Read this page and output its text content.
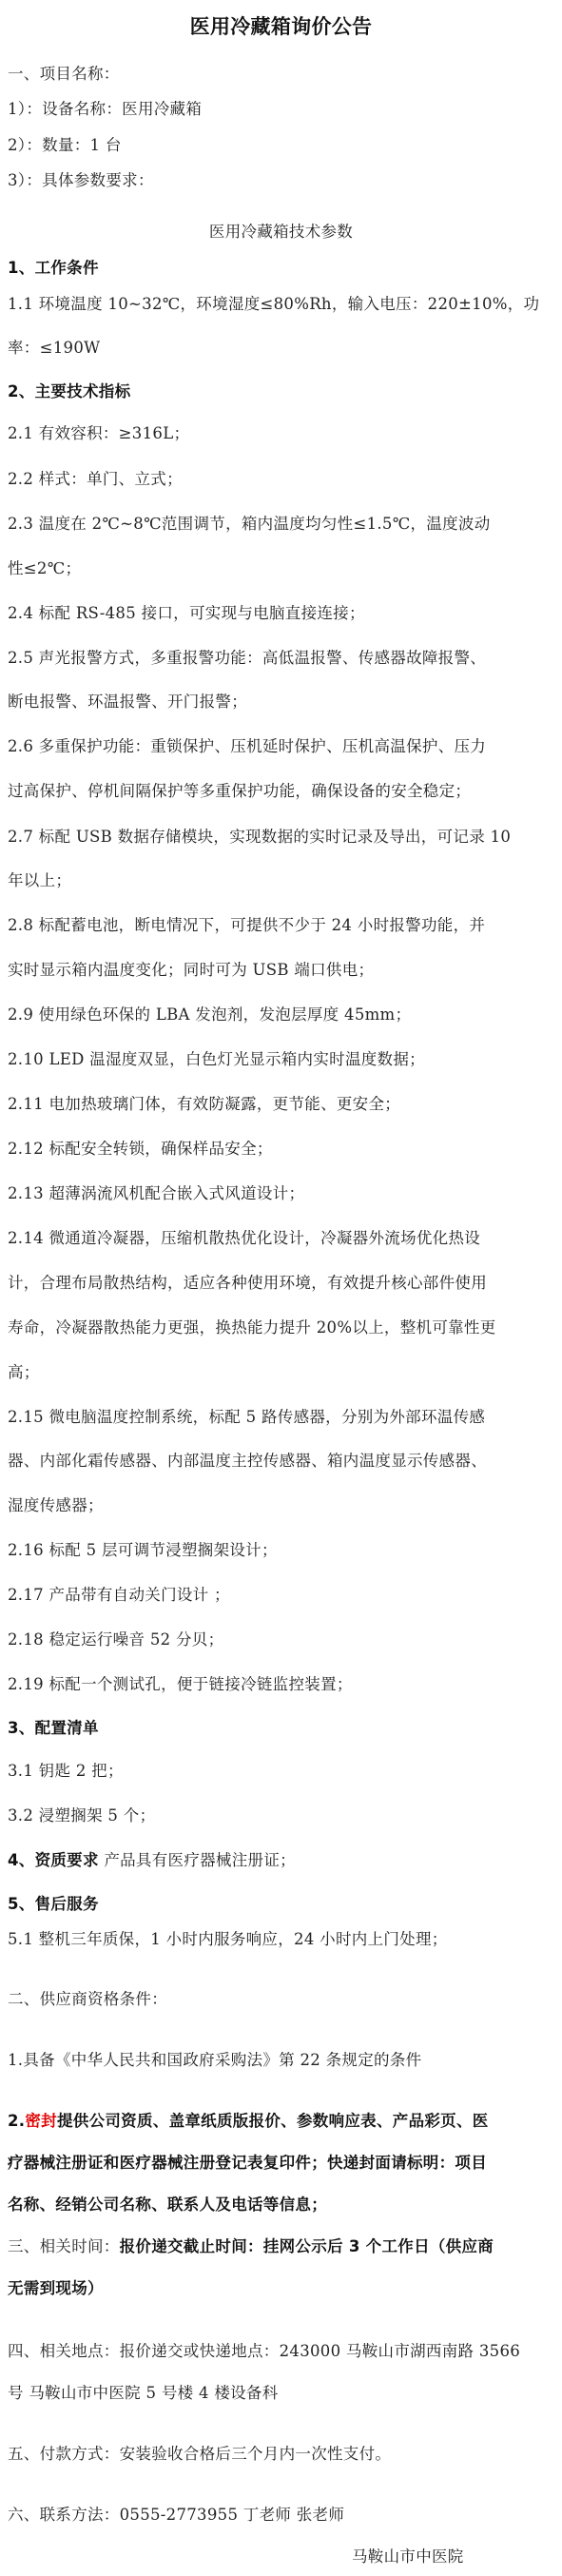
医用冷藏箱询价公告
一、项目名称：
1）：设备名称：医用冷藏箱
2）：数量：1 台
3）：具体参数要求：
医用冷藏箱技术参数
1、工作条件
1.1 环境温度 10~32℃，环境湿度≤80%Rh，输入电压：220±10%，功
率：≤190W
2、主要技术指标
2.1 有效容积：≥316L；
2.2 样式：单门、立式；
2.3 温度在 2℃~8℃范围调节，箱内温度均匀性≤1.5℃，温度波动
性≤2℃；
2.4 标配 RS-485 接口，可实现与电脑直接连接；
2.5 声光报警方式，多重报警功能：高低温报警、传感器故障报警、
断电报警、环温报警、开门报警；
2.6 多重保护功能：重锁保护、压机延时保护、压机高温保护、压力
过高保护、停机间隔保护等多重保护功能，确保设备的安全稳定；
2.7 标配 USB 数据存储模块，实现数据的实时记录及导出，可记录 10
年以上；
2.8 标配蓄电池，断电情况下，可提供不少于 24 小时报警功能，并
实时显示箱内温度变化；同时可为 USB 端口供电；
2.9 使用绿色环保的 LBA 发泡剂，发泡层厚度 45mm；
2.10 LED 温湿度双显，白色灯光显示箱内实时温度数据；
2.11 电加热玻璃门体，有效防凝露，更节能、更安全；
2.12 标配安全转锁，确保样品安全；
2.13 超薄涡流风机配合嵌入式风道设计；
2.14 微通道冷凝器，压缩机散热优化设计，冷凝器外流场优化热设
计，合理布局散热结构，适应各种使用环境，有效提升核心部件使用
寿命，冷凝器散热能力更强，换热能力提升 20%以上，整机可靠性更
高；
2.15 微电脑温度控制系统，标配 5 路传感器，分别为外部环温传感
器、内部化霜传感器、内部温度主控传感器、箱内温度显示传感器、
湿度传感器；
2.16 标配 5 层可调节浸塑搁架设计；
2.17 产品带有自动关门设计 ；
2.18 稳定运行噪音 52 分贝；
2.19 标配一个测试孔，便于链接冷链监控装置；
3、配置清单
3.1 钥匙 2 把；
3.2 浸塑搁架 5 个；
4、资质要求 产品具有医疗器械注册证；
5、售后服务
5.1 整机三年质保，1 小时内服务响应，24 小时内上门处理；
二、供应商资格条件：
1.具备《中华人民共和国政府采购法》第 22 条规定的条件
2.密封提供公司资质、盖章纸质版报价、参数响应表、产品彩页、医
疗器械注册证和医疗器械注册登记表复印件；快递封面请标明：项目
名称、经销公司名称、联系人及电话等信息；
三、相关时间：报价递交截止时间：挂网公示后 3 个工作日（供应商
无需到现场）
四、相关地点：报价递交或快递地点：243000 马鞍山市湖西南路 3566
号 马鞍山市中医院 5 号楼 4 楼设备科
五、付款方式：安装验收合格后三个月内一次性支付。
六、联系方法：0555-2773955 丁老师 张老师
马鞍山市中医院
